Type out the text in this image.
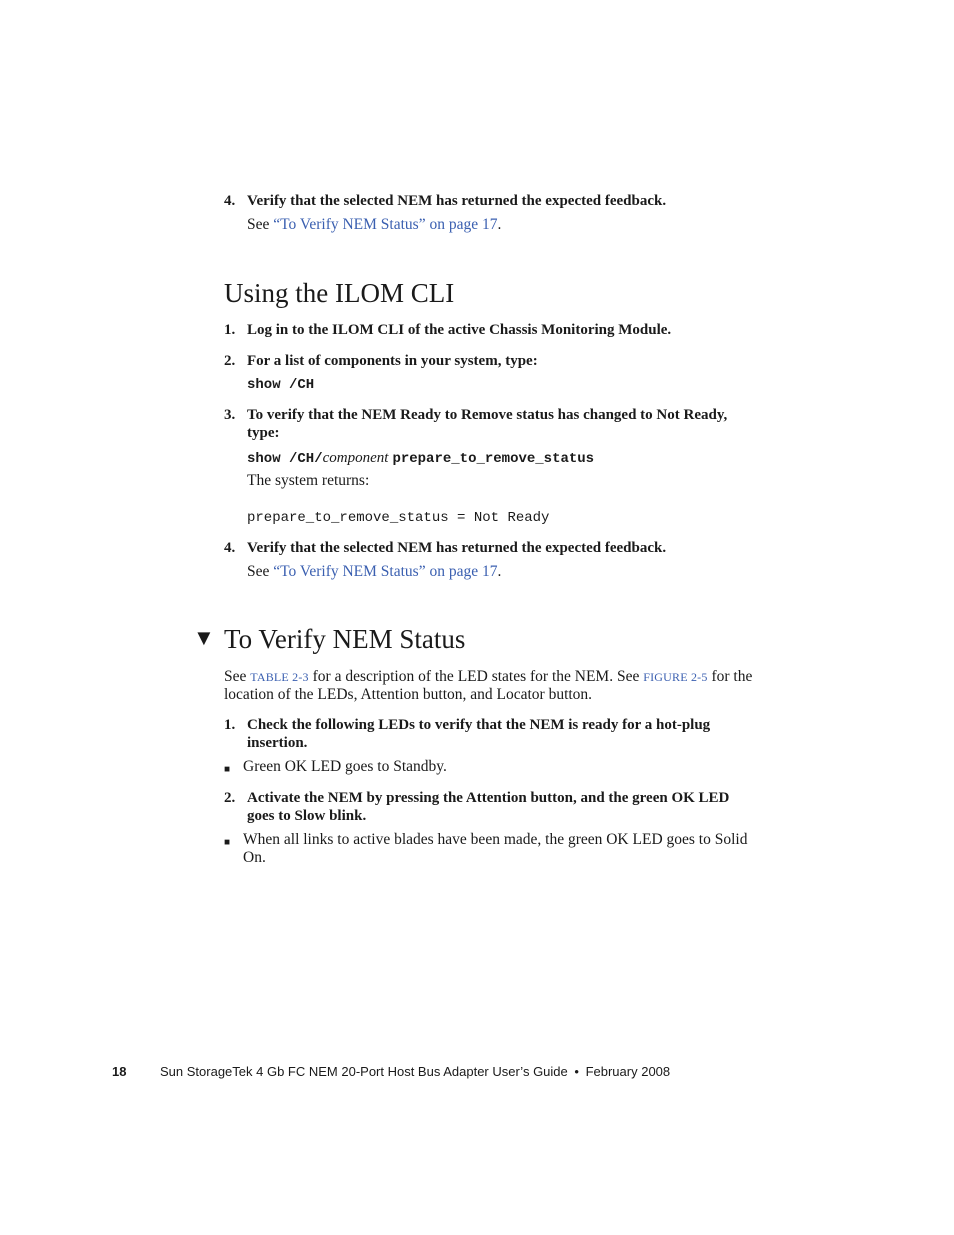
4. Verify that the selected NEM has returned the expected feedback.
See “To Verify NEM Status” on page 17.
Using the ILOM CLI
1. Log in to the ILOM CLI of the active Chassis Monitoring Module.
2. For a list of components in your system, type:
show /CH
3. To verify that the NEM Ready to Remove status has changed to Not Ready,
type:
show /CH/component prepare_to_remove_status
The system returns:
prepare_to_remove_status = Not Ready
4. Verify that the selected NEM has returned the expected feedback.
See “To Verify NEM Status” on page 17.
▼ To Verify NEM Status
See TABLE 2-3 for a description of the LED states for the NEM. See FIGURE 2-5 for the
location of the LEDs, Attention button, and Locator button.
1. Check the following LEDs to verify that the NEM is ready for a hot-plug
insertion.
■ Green OK LED goes to Standby.
2. Activate the NEM by pressing the Attention button, and the green OK LED
goes to Slow blink.
■ When all links to active blades have been made, the green OK LED goes to Solid
On.
18	Sun StorageTek 4 Gb FC NEM 20-Port Host Bus Adapter User’s Guide • February 2008
